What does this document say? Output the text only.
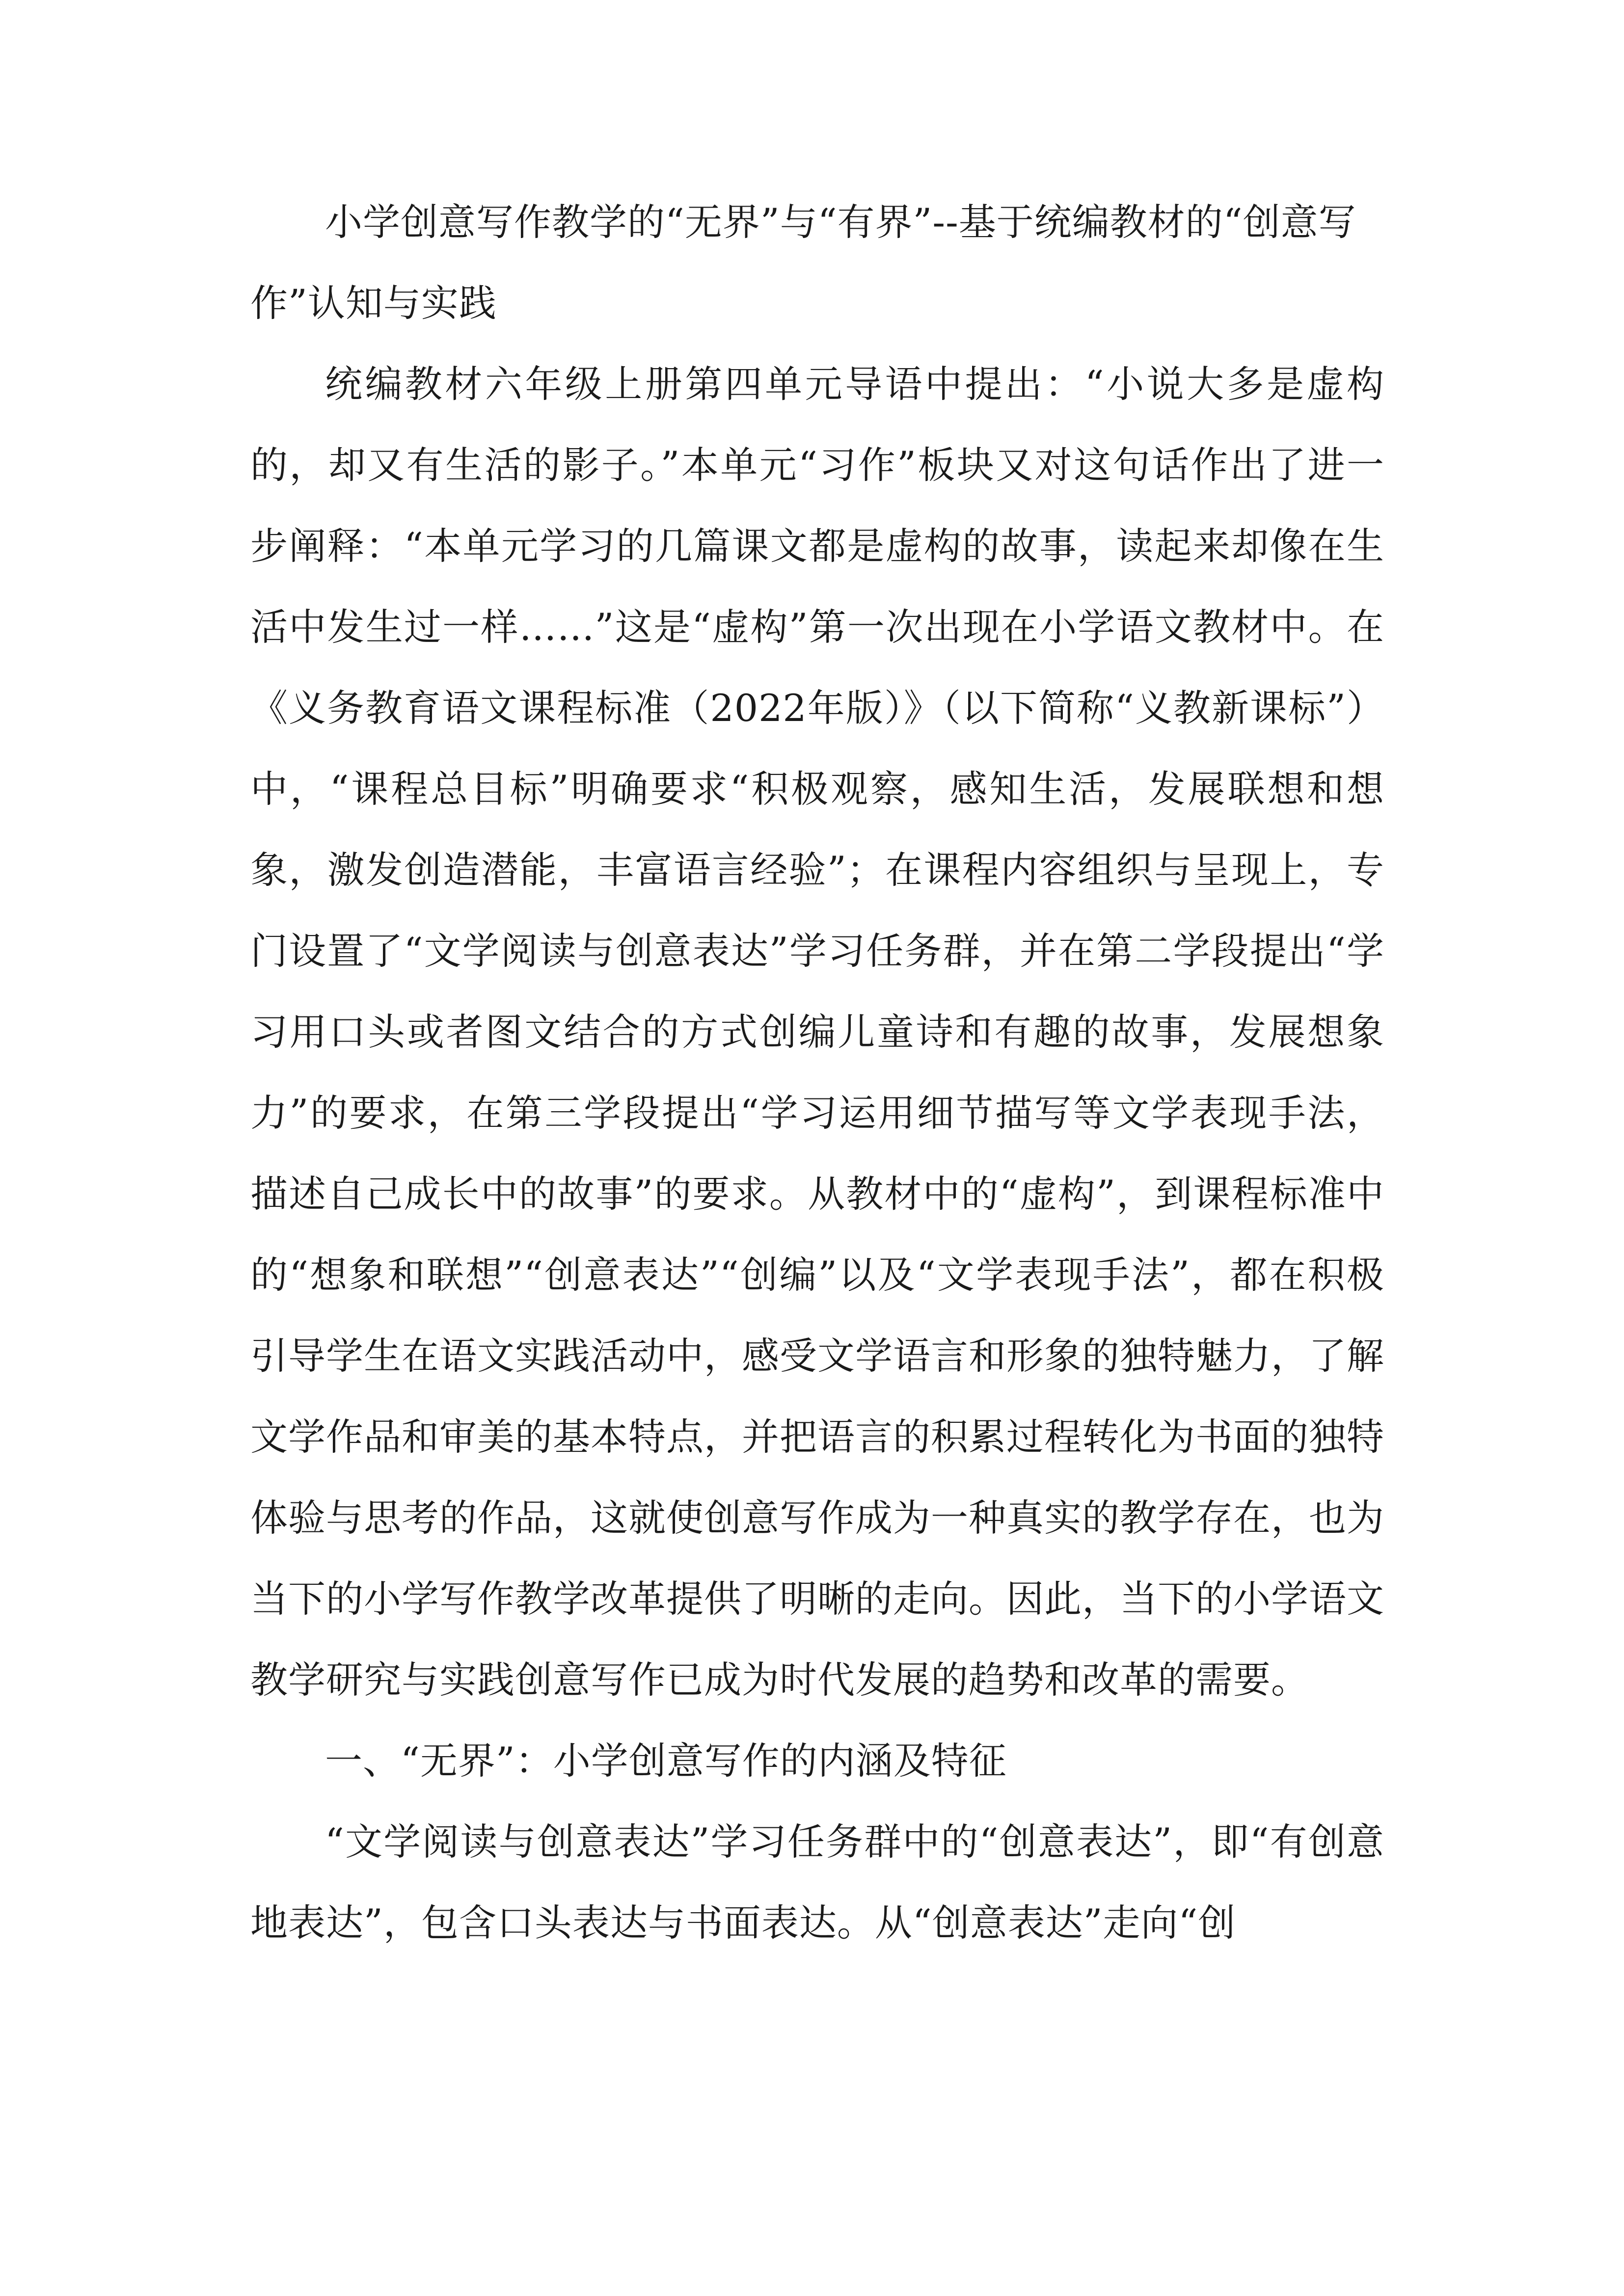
小学创意写作教学的“无界”与“有界”--基于统编教材的“创意写作”认知与实践

统编教材六年级上册第四单元导语中提出：“小说大多是虚构的，却又有生活的影子。”本单元“习作”板块又对这句话作出了进一步阐释：“本单元学习的几篇课文都是虚构的故事，读起来却像在生活中发生过一样……”这是“虚构”第一次出现在小学语文教材中。在《义务教育语文课程标准（2022年版）》（以下简称“义教新课标”）中，“课程总目标”明确要求“积极观察，感知生活，发展联想和想象，激发创造潜能，丰富语言经验”；在课程内容组织与呈现上，专门设置了“文学阅读与创意表达”学习任务群，并在第二学段提出“学习用口头或者图文结合的方式创编儿童诗和有趣的故事，发展想象力”的要求，在第三学段提出“学习运用细节描写等文学表现手法，描述自己成长中的故事”的要求。从教材中的“虚构”，到课程标准中的“想象和联想”“创意表达”“创编”以及“文学表现手法”，都在积极引导学生在语文实践活动中，感受文学语言和形象的独特魅力，了解文学作品和审美的基本特点，并把语言的积累过程转化为书面的独特体验与思考的作品，这就使创意写作成为一种真实的教学存在，也为当下的小学写作教学改革提供了明晰的走向。因此，当下的小学语文教学研究与实践创意写作已成为时代发展的趋势和改革的需要。

一、“无界”：小学创意写作的内涵及特征

“文学阅读与创意表达”学习任务群中的“创意表达”，即“有创意地表达”，包含口头表达与书面表达。从“创意表达”走向“创
